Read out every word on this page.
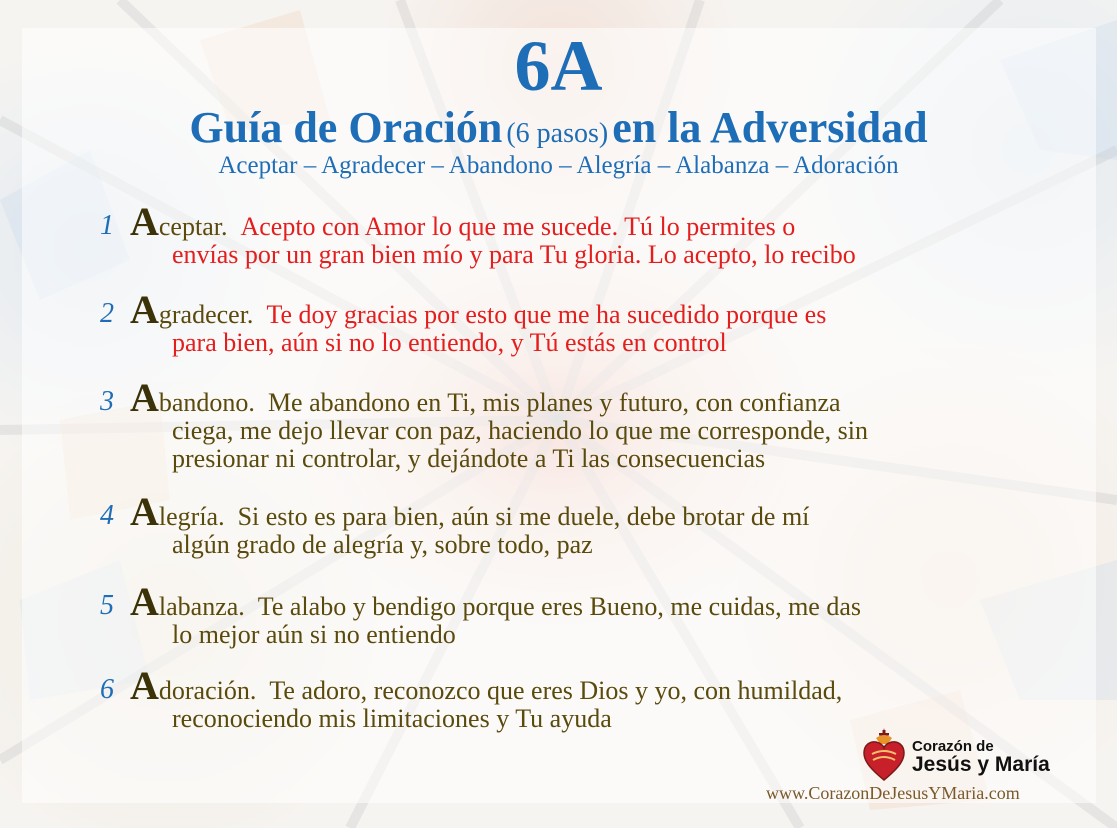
6A
Guía de Oración (6 pasos) en la Adversidad
Aceptar – Agradecer – Abandono – Alegría – Alabanza – Adoración
1 Aceptar. Acepto con Amor lo que me sucede. Tú lo permites o
envías por un gran bien mío y para Tu gloria. Lo acepto, lo recibo
2 Agradecer. Te doy gracias por esto que me ha sucedido porque es
para bien, aún si no lo entiendo, y Tú estás en control
3 Abandono. Me abandono en Ti, mis planes y futuro, con confianza
ciega, me dejo llevar con paz, haciendo lo que me corresponde, sin
presionar ni controlar, y dejándote a Ti las consecuencias
4 Alegría. Si esto es para bien, aún si me duele, debe brotar de mí
algún grado de alegría y, sobre todo, paz
5 Alabanza. Te alabo y bendigo porque eres Bueno, me cuidas, me das
lo mejor aún si no entiendo
6 Adoración. Te adoro, reconozco que eres Dios y yo, con humildad,
reconociendo mis limitaciones y Tu ayuda
Corazón de
Jesús y María
www.CorazonDeJesusYMaria.com
